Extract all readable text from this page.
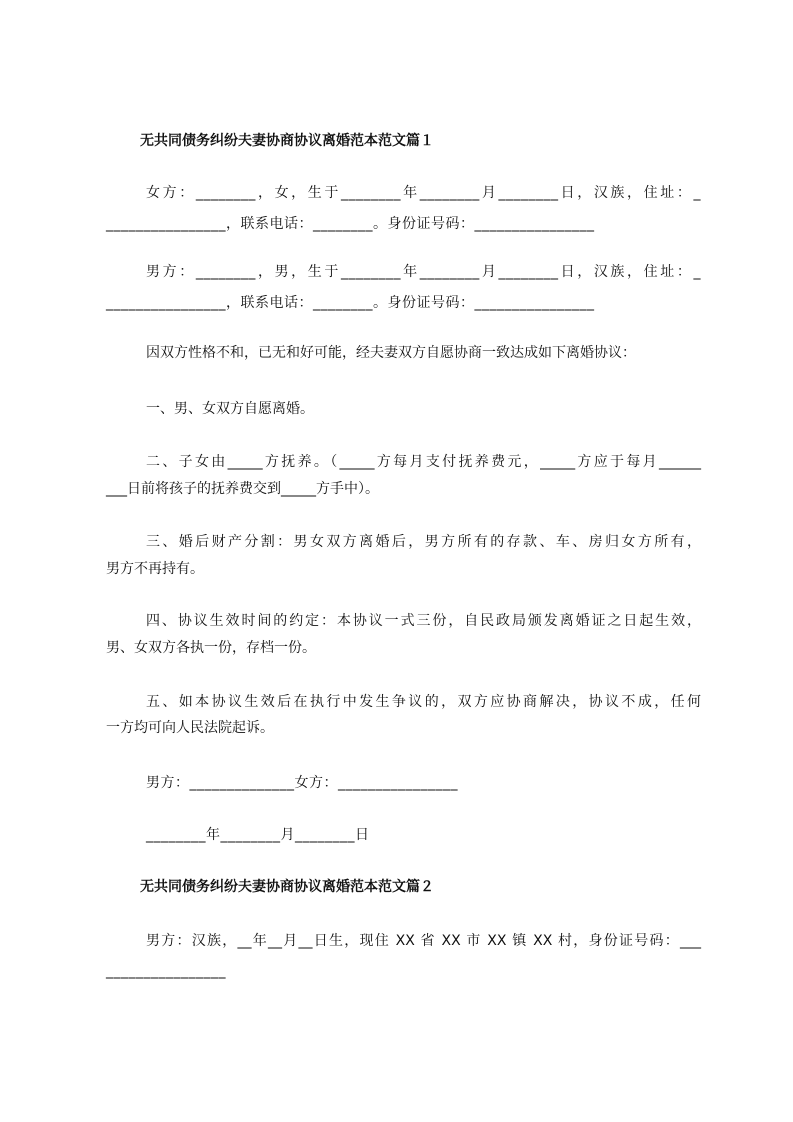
无共同债务纠纷夫妻协商协议离婚范本范文篇１
女方：________，女，生于________年________月________日，汉族，住址：_
________________，联系电话：________。身份证号码：________________
男方：________，男，生于________年________月________日，汉族，住址：_
________________，联系电话：________。身份证号码：________________
因双方性格不和，已无和好可能，经夫妻双方自愿协商一致达成如下离婚协议：
一、男、女双方自愿离婚。
二、子女由_____方抚养。（_____方每月支付抚养费元，_____方应于每月______
___日前将孩子的抚养费交到_____方手中）。
三、婚后财产分割：男女双方离婚后，男方所有的存款、车、房归女方所有，
男方不再持有。
四、协议生效时间的约定：本协议一式三份，自民政局颁发离婚证之日起生效，
男、女双方各执一份，存档一份。
五、如本协议生效后在执行中发生争议的，双方应协商解决，协议不成，任何
一方均可向人民法院起诉。
男方：______________女方：________________
________年________月________日
无共同债务纠纷夫妻协商协议离婚范本范文篇２
男方：汉族，__年__月__日生，现住 XX 省 XX 市 XX 镇 XX 村，身份证号码：___
________________
